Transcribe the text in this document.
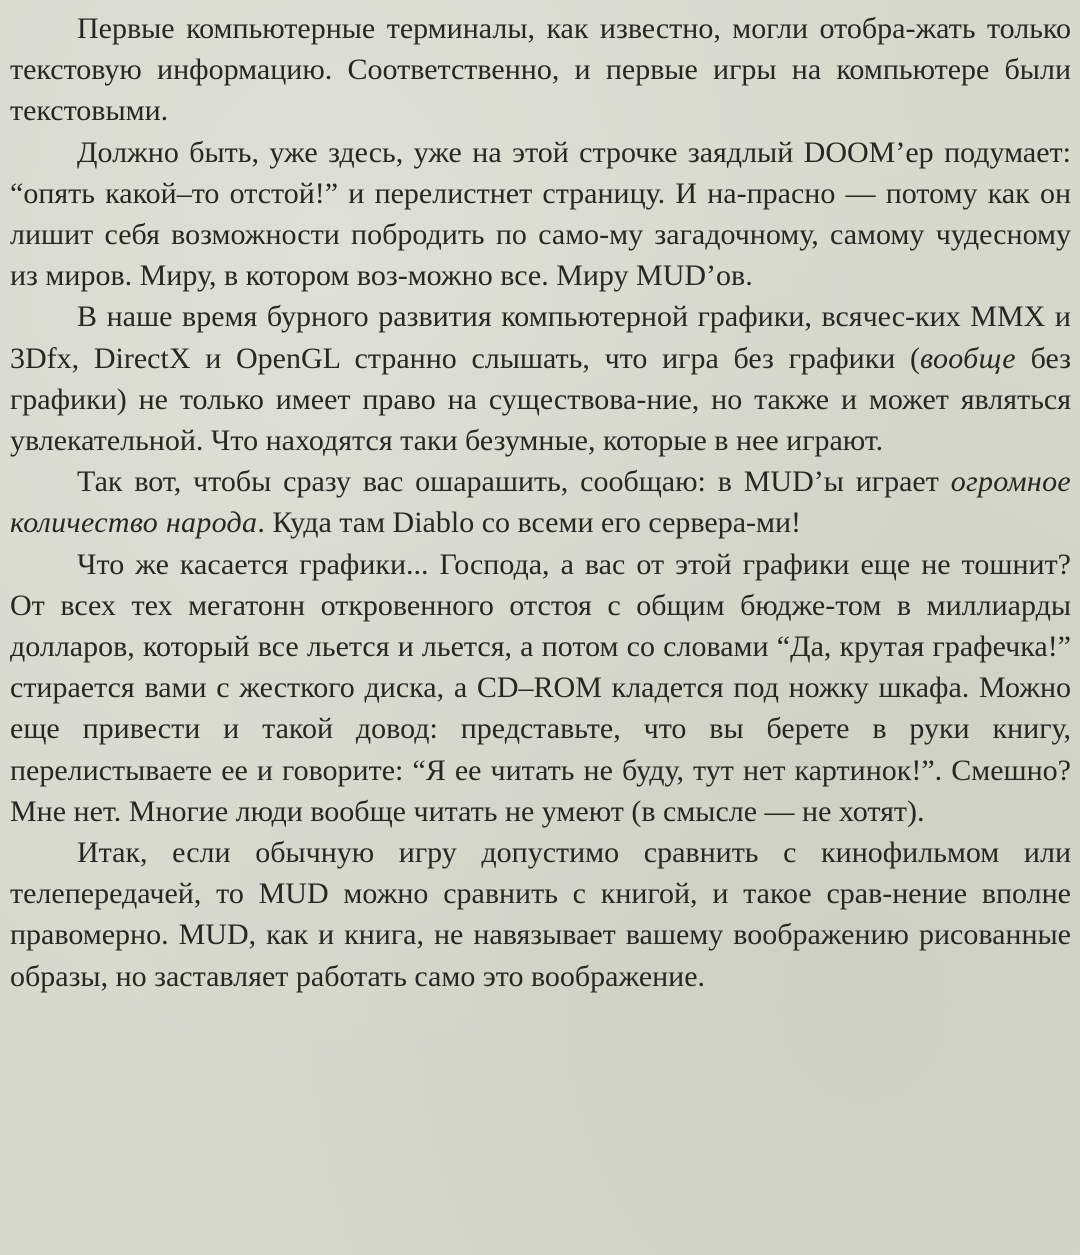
Первые компьютерные терминалы, как известно, могли отобра-жать только текстовую информацию. Соответственно, и первые игры на компьютере были текстовыми.

Должно быть, уже здесь, уже на этой строчке заядлый DOOM’ер подумает: “опять какой–то отстой!” и перелистнет страницу. И на-прасно — потому как он лишит себя возможности побродить по само-му загадочному, самому чудесному из миров. Миру, в котором воз-можно все. Миру MUD’ов.

В наше время бурного развития компьютерной графики, всячес-ких MMX и 3Dfx, DirectX и OpenGL странно слышать, что игра без графики (вообще без графики) не только имеет право на существова-ние, но также и может являться увлекательной. Что находятся таки безумные, которые в нее играют.

Так вот, чтобы сразу вас ошарашить, сообщаю: в MUD’ы играет огромное количество народа. Куда там Diablo со всеми его сервера-ми!

Что же касается графики... Господа, а вас от этой графики еще не тошнит? От всех тех мегатонн откровенного отстоя с общим бюдже-том в миллиарды долларов, который все льется и льется, а потом со словами “Да, крутая графечка!” стирается вами с жесткого диска, а CD–ROM кладется под ножку шкафа. Можно еще привести и такой довод: представьте, что вы берете в руки книгу, перелистываете ее и говорите: “Я ее читать не буду, тут нет картинок!”. Смешно? Мне нет. Многие люди вообще читать не умеют (в смысле — не хотят).

Итак, если обычную игру допустимо сравнить с кинофильмом или телепередачей, то MUD можно сравнить с книгой, и такое срав-нение вполне правомерно. MUD, как и книга, не навязывает вашему воображению рисованные образы, но заставляет работать само это воображение.
